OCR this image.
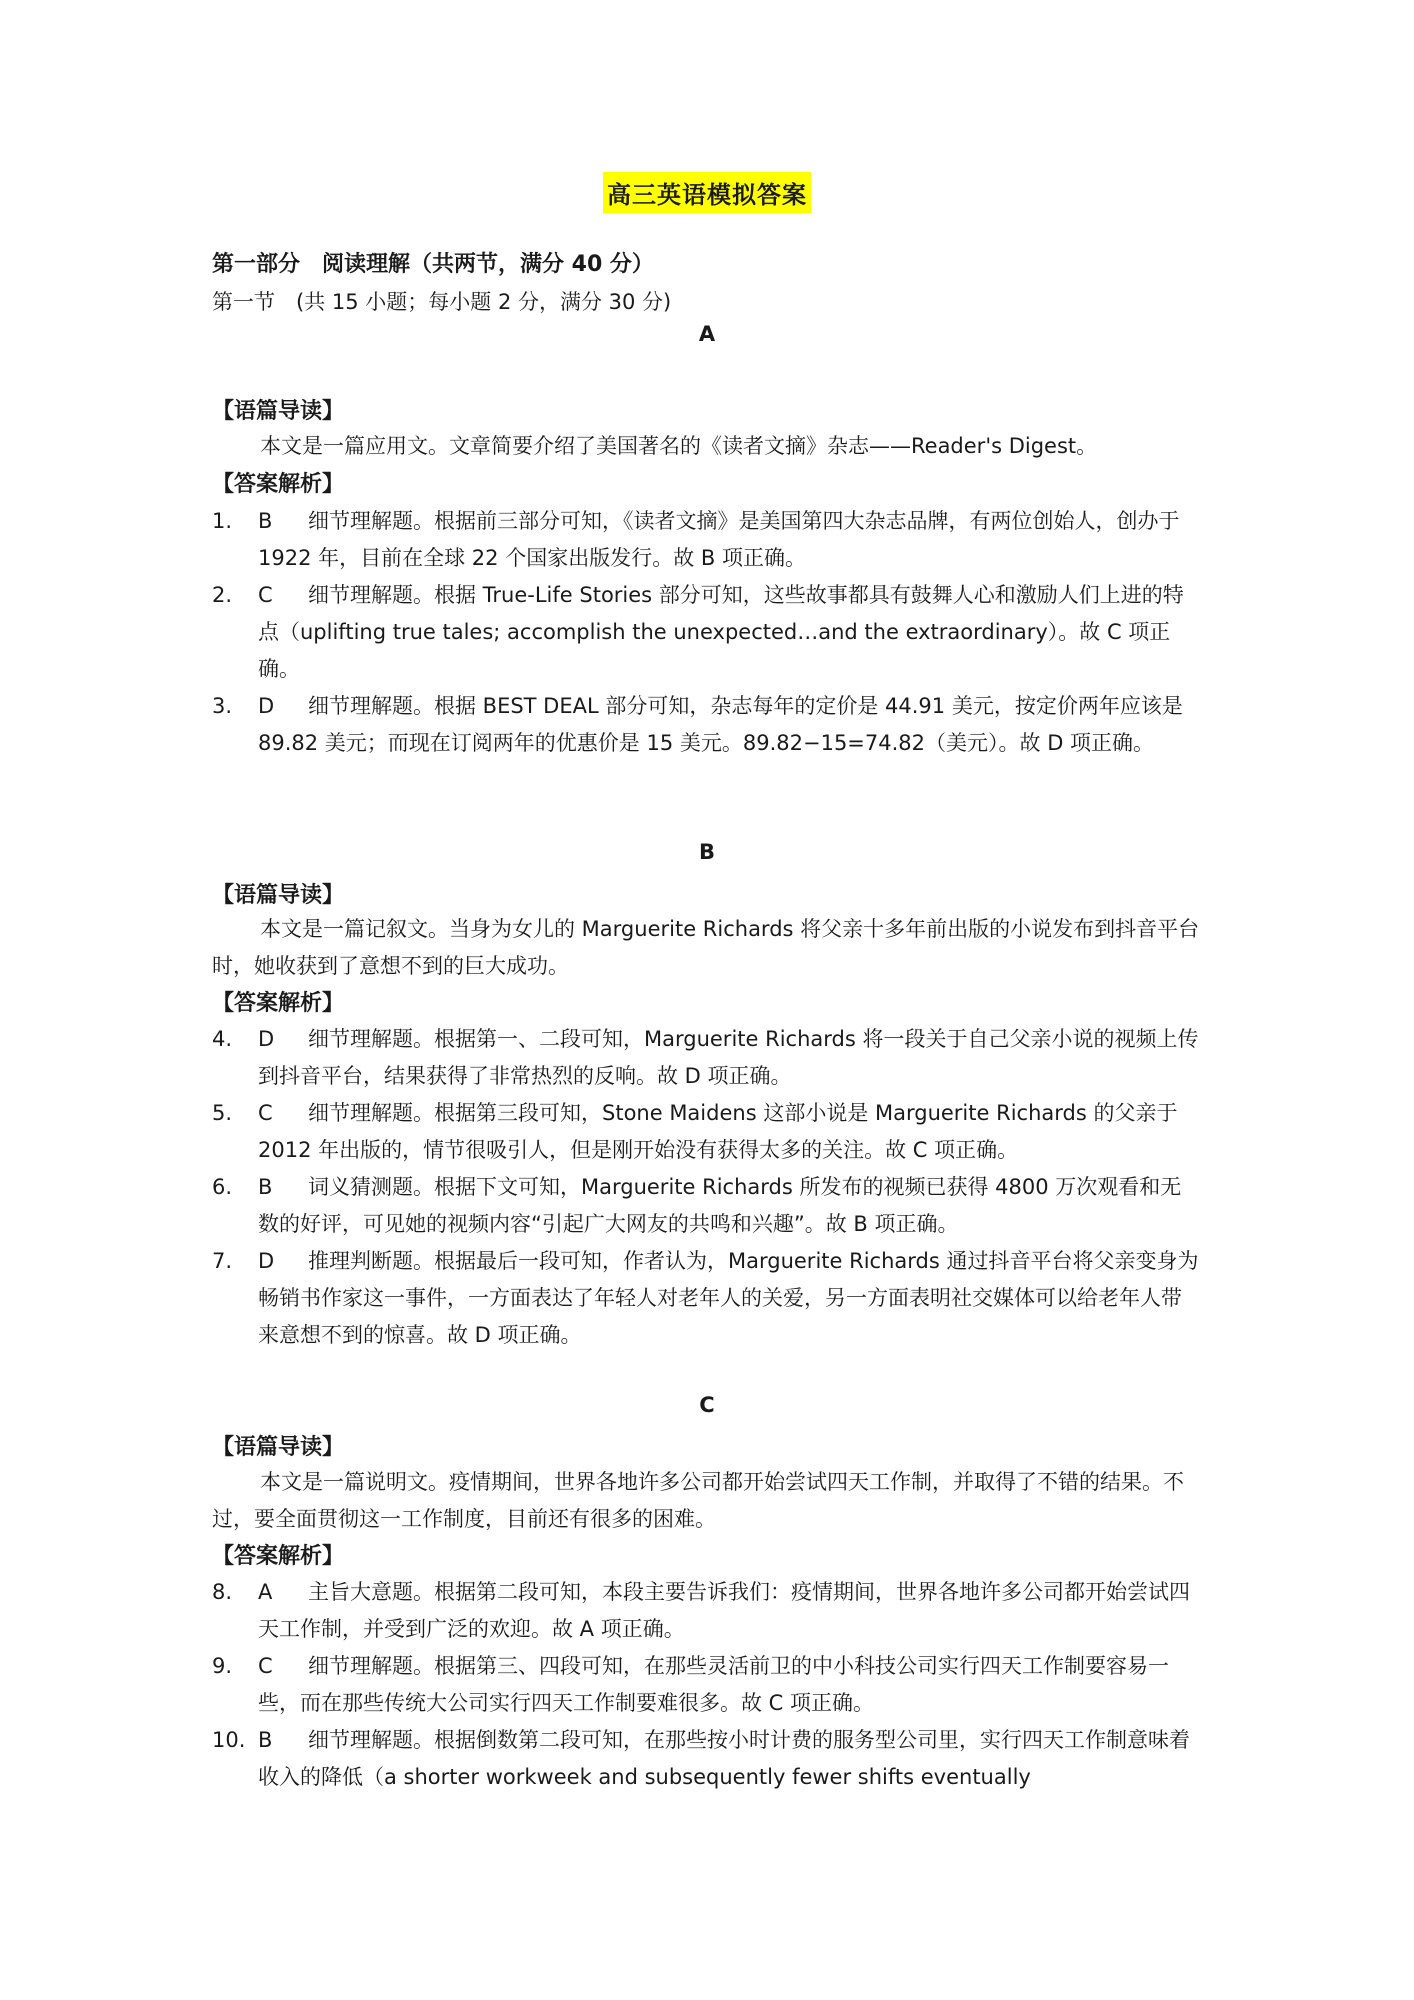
高三英语模拟答案
第一部分　阅读理解（共两节，满分 40 分）
第一节　(共 15 小题；每小题 2 分，满分 30 分)
A
【语篇导读】
本文是一篇应用文。文章简要介绍了美国著名的《读者文摘》杂志——Reader's Digest。
【答案解析】
1.	B	细节理解题。根据前三部分可知，《读者文摘》是美国第四大杂志品牌，有两位创始人，创办于 1922 年，目前在全球 22 个国家出版发行。故 B 项正确。
2.	C	细节理解题。根据 True-Life Stories 部分可知，这些故事都具有鼓舞人心和激励人们上进的特点（uplifting true tales; accomplish the unexpected…and the extraordinary）。故 C 项正确。
3.	D	细节理解题。根据 BEST DEAL 部分可知，杂志每年的定价是 44.91 美元，按定价两年应该是 89.82 美元；而现在订阅两年的优惠价是 15 美元。89.82−15=74.82（美元）。故 D 项正确。
B
【语篇导读】
本文是一篇记叙文。当身为女儿的 Marguerite Richards 将父亲十多年前出版的小说发布到抖音平台时，她收获到了意想不到的巨大成功。
【答案解析】
4.	D	细节理解题。根据第一、二段可知，Marguerite Richards 将一段关于自己父亲小说的视频上传到抖音平台，结果获得了非常热烈的反响。故 D 项正确。
5.	C	细节理解题。根据第三段可知，Stone Maidens 这部小说是 Marguerite Richards 的父亲于 2012 年出版的，情节很吸引人，但是刚开始没有获得太多的关注。故 C 项正确。
6.	B	词义猜测题。根据下文可知，Marguerite Richards 所发布的视频已获得 4800 万次观看和无数的好评，可见她的视频内容“引起广大网友的共鸣和兴趣”。故 B 项正确。
7.	D	推理判断题。根据最后一段可知，作者认为，Marguerite Richards 通过抖音平台将父亲变身为畅销书作家这一事件，一方面表达了年轻人对老年人的关爱，另一方面表明社交媒体可以给老年人带来意想不到的惊喜。故 D 项正确。
C
【语篇导读】
本文是一篇说明文。疫情期间，世界各地许多公司都开始尝试四天工作制，并取得了不错的结果。不过，要全面贯彻这一工作制度，目前还有很多的困难。
【答案解析】
8.	A	主旨大意题。根据第二段可知，本段主要告诉我们：疫情期间，世界各地许多公司都开始尝试四天工作制，并受到广泛的欢迎。故 A 项正确。
9.	C	细节理解题。根据第三、四段可知，在那些灵活前卫的中小科技公司实行四天工作制要容易一些，而在那些传统大公司实行四天工作制要难很多。故 C 项正确。
10. B	细节理解题。根据倒数第二段可知，在那些按小时计费的服务型公司里，实行四天工作制意味着收入的降低（a shorter workweek and subsequently fewer shifts eventually
